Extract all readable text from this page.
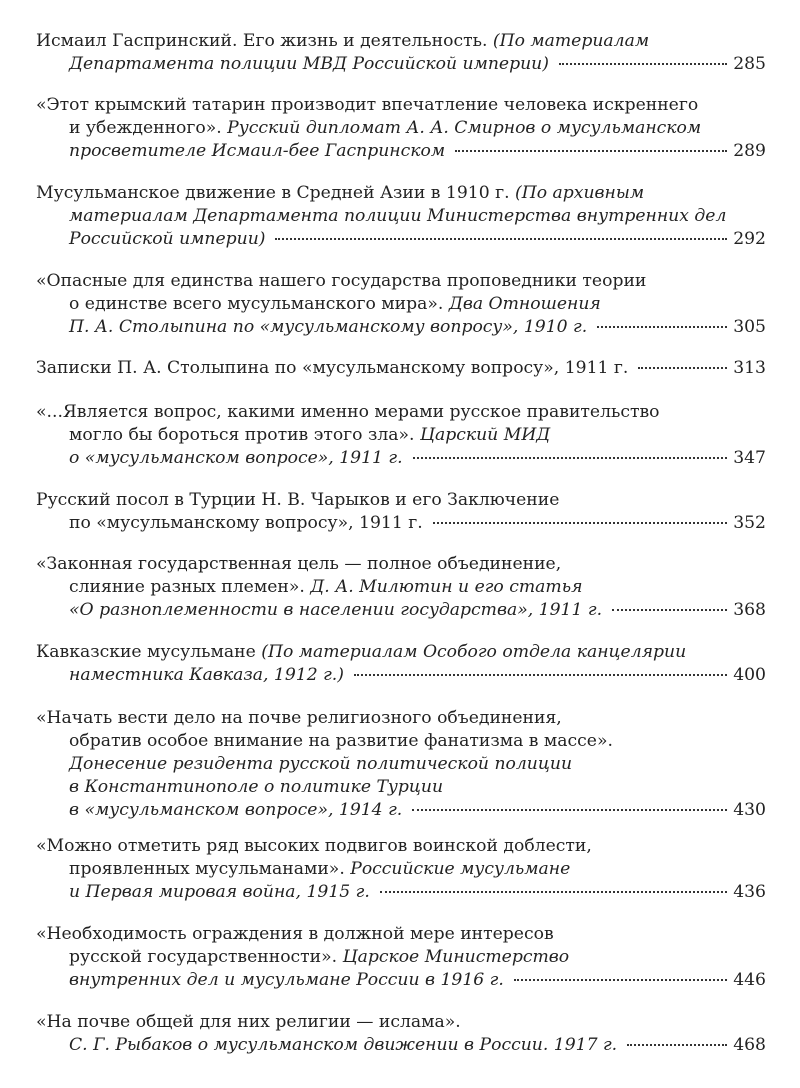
Исмаил Гаспринский. Его жизнь и деятельность. (По материалам
Департамента полиции МВД Российской империи)	285
«Этот крымский татарин производит впечатление человека искреннего
и убежденного». Русский дипломат А. А. Смирнов о мусульманском
просветителе Исмаил-бее Гаспринском	289
Мусульманское движение в Средней Азии в 1910 г. (По архивным
материалам Департамента полиции Министерства внутренних дел
Российской империи)	292
«Опасные для единства нашего государства проповедники теории
о единстве всего мусульманского мира». Два Отношения
П. А. Столыпина по «мусульманскому вопросу», 1910 г.	305
Записки П. А. Столыпина по «мусульманскому вопросу», 1911 г.	313
«...Является вопрос, какими именно мерами русское правительство
могло бы бороться против этого зла». Царский МИД
о «мусульманском вопросе», 1911 г.	347
Русский посол в Турции Н. В. Чарыков и его Заключение
по «мусульманскому вопросу», 1911 г.	352
«Законная государственная цель — полное объединение,
слияние разных племен». Д. А. Милютин и его статья
«О разноплеменности в населении государства», 1911 г.	368
Кавказские мусульмане (По материалам Особого отдела канцелярии
наместника Кавказа, 1912 г.)	400
«Начать вести дело на почве религиозного объединения,
обратив особое внимание на развитие фанатизма в массе».
Донесение резидента русской политической полиции
в Константинополе о политике Турции
в «мусульманском вопросе», 1914 г.	430
«Можно отметить ряд высоких подвигов воинской доблести,
проявленных мусульманами». Российские мусульмане
и Первая мировая война, 1915 г.	436
«Необходимость ограждения в должной мере интересов
русской государственности». Царское Министерство
внутренних дел и мусульмане России в 1916 г.	446
«На почве общей для них религии — ислама».
С. Г. Рыбаков о мусульманском движении в России. 1917 г.	468
